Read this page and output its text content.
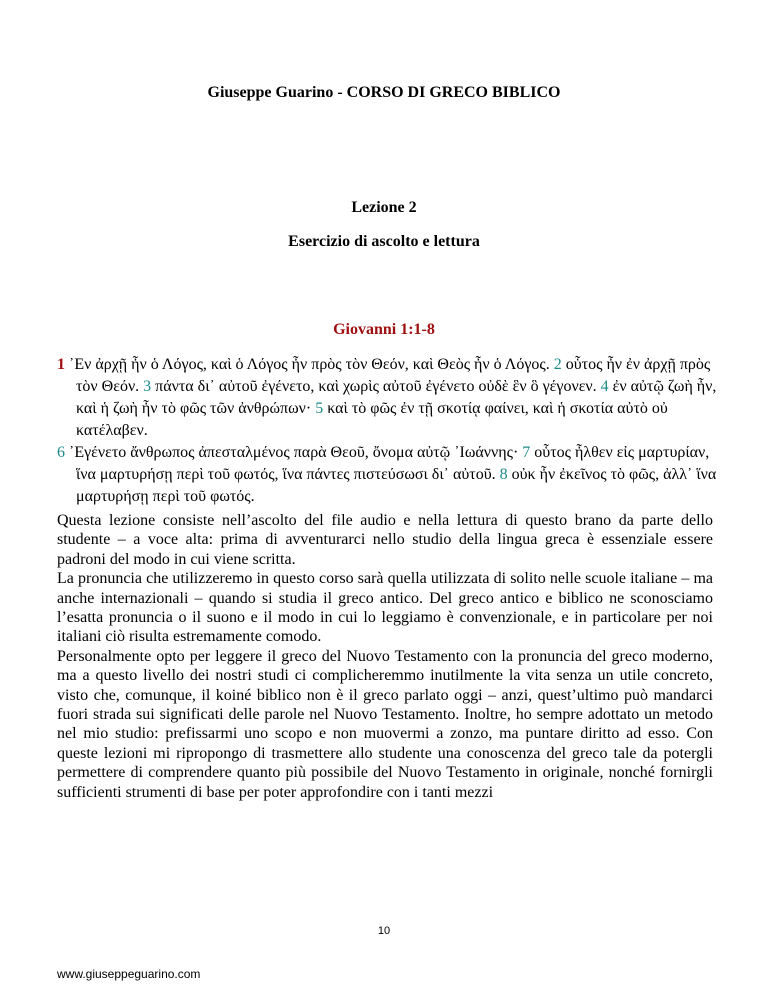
Giuseppe Guarino - CORSO DI GRECO BIBLICO
Lezione 2
Esercizio di ascolto e lettura
Giovanni 1:1-8

1 ᾿Εν ἀρχῇ ἦν ὁ Λόγος, καὶ ὁ Λόγος ἦν πρὸς τὸν Θεόν, καὶ Θεὸς ἦν ὁ Λόγος. 2 οὗτος ἦν ἐν ἀρχῇ πρὸς τὸν Θεόν. 3 πάντα δι᾽ αὐτοῦ ἐγένετο, καὶ χωρὶς αὐτοῦ ἐγένετο οὐδὲ ἓν ὃ γέγονεν. 4 ἐν αὐτῷ ζωὴ ἦν, καὶ ἡ ζωὴ ἦν τὸ φῶς τῶν ἀνθρώπων· 5 καὶ τὸ φῶς ἐν τῇ σκοτίᾳ φαίνει, καὶ ἡ σκοτία αὐτὸ οὐ κατέλαβεν.

6 ᾿Εγένετο ἄνθρωπος ἀπεσταλμένος παρὰ Θεοῦ, ὄνομα αὐτῷ ᾿Ιωάννης· 7 οὗτος ἦλθεν εἰς μαρτυρίαν, ἵνα μαρτυρήσῃ περὶ τοῦ φωτός, ἵνα πάντες πιστεύσωσι δι᾽ αὐτοῦ. 8 οὐκ ἦν ἐκεῖνος τὸ φῶς, ἀλλ᾽ ἵνα μαρτυρήσῃ περὶ τοῦ φωτός.

Questa lezione consiste nell’ascolto del file audio e nella lettura di questo brano da parte dello studente – a voce alta: prima di avventurarci nello studio della lingua greca è essenziale essere padroni del modo in cui viene scritta.

La pronuncia che utilizzeremo in questo corso sarà quella utilizzata di solito nelle scuole italiane – ma anche internazionali – quando si studia il greco antico. Del greco antico e biblico ne sconosciamo l’esatta pronuncia o il suono e il modo in cui lo leggiamo è convenzionale, e in particolare per noi italiani ciò risulta estremamente comodo.

Personalmente opto per leggere il greco del Nuovo Testamento con la pronuncia del greco moderno, ma a questo livello dei nostri studi ci complicheremmo inutilmente la vita senza un utile concreto, visto che, comunque, il koiné biblico non è il greco parlato oggi – anzi, quest’ultimo può mandarci fuori strada sui significati delle parole nel Nuovo Testamento. Inoltre, ho sempre adottato un metodo nel mio studio: prefissarmi uno scopo e non muovermi a zonzo, ma puntare diritto ad esso. Con queste lezioni mi ripropongo di trasmettere allo studente una conoscenza del greco tale da potergli permettere di comprendere quanto più possibile del Nuovo Testamento in originale, nonché fornirgli sufficienti strumenti di base per poter approfondire con i tanti mezzi

10
www.giuseppeguarino.com
